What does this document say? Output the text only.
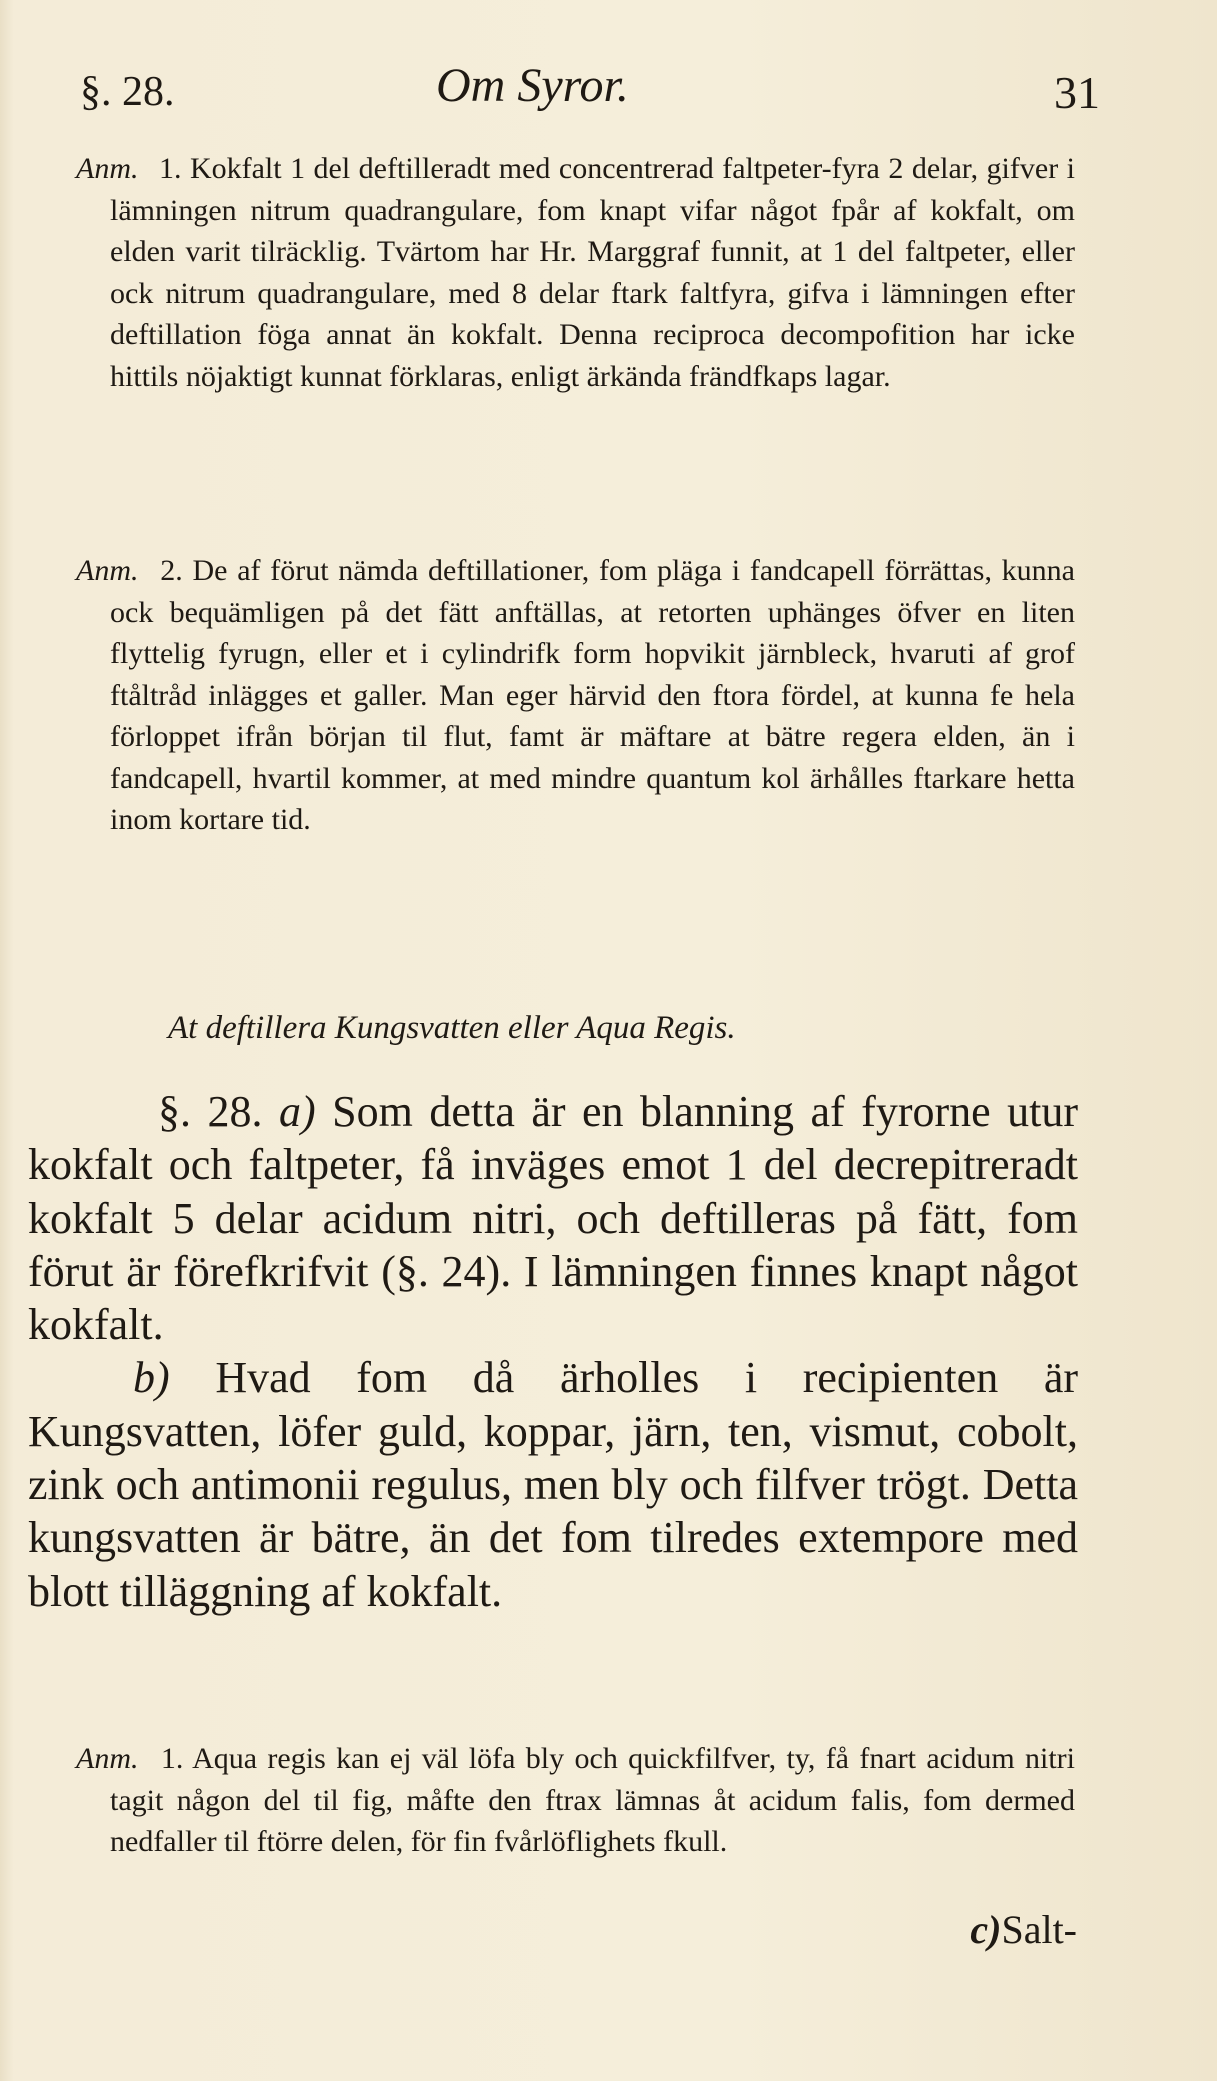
§. 28.	Om Syror.	31

Anm. 1. Kokfalt 1 del deftilleradt med concentrerad faltpeter-fyra 2 delar, gifver i lämningen nitrum quadrangulare, fom knapt vifar något fpår af kokfalt, om elden varit tilräcklig. Tvärtom har Hr. Marggraf funnit, at 1 del faltpeter, eller ock nitrum quadrangulare, med 8 delar ftark faltfyra, gifva i lämningen efter deftillation föga annat än kokfalt. Denna reciproca decompofition har icke hittils nöjaktigt kunnat förklaras, enligt ärkända frändfkaps lagar.

Anm. 2. De af förut nämda deftillationer, fom pläga i fandcapell förrättas, kunna ock bequämligen på det fätt anftällas, at retorten uphänges öfver en liten flyttelig fyrugn, eller et i cylindrifk form hopvikit järnbleck, hvaruti af grof ftåltråd inlägges et galler. Man eger härvid den ftora fördel, at kunna fe hela förloppet ifrån början til flut, famt är mäftare at bätre regera elden, än i fandcapell, hvartil kommer, at med mindre quantum kol ärhålles ftarkare hetta inom kortare tid.

At deftillera Kungsvatten eller Aqua Regis.

§. 28. a) Som detta är en blanning af fyrorne utur kokfalt och faltpeter, få inväges emot 1 del decrepitreradt kokfalt 5 delar acidum nitri, och deftilleras på fätt, fom förut är förefkrifvit (§. 24). I lämningen finnes knapt något kokfalt.

b) Hvad fom då ärholles i recipienten är Kungsvatten, löfer guld, koppar, järn, ten, vismut, cobolt, zink och antimonii regulus, men bly och filfver trögt. Detta kungsvatten är bätre, än det fom tilredes extempore med blott tilläggning af kokfalt.

Anm. 1. Aqua regis kan ej väl löfa bly och quickfilfver, ty, få fnart acidum nitri tagit någon del til fig, måfte den ftrax lämnas åt acidum falis, fom dermed nedfaller til ftörre delen, för fin fvårlöflighets fkull.

c)Salt-
